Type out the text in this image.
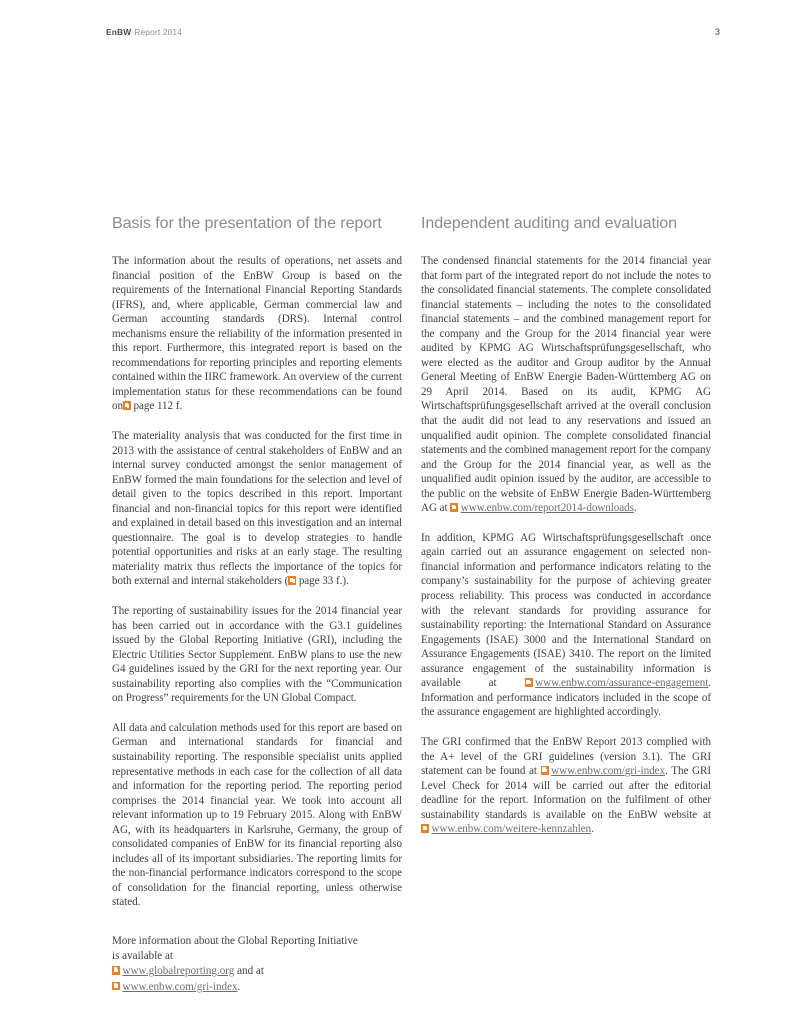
EnBW Report 2014	3
Basis for the presentation of the report

The information about the results of operations, net assets and financial position of the EnBW Group is based on the requirements of the International Financial Reporting Standards (IFRS), and, where applicable, German commercial law and German accounting standards (DRS). Internal control mechanisms ensure the reliability of the information presented in this report. Furthermore, this integrated report is based on the recommendations for reporting principles and reporting elements contained within the IIRC framework. An overview of the current implementation status for these recommendations can be found on page 112 f.

The materiality analysis that was conducted for the first time in 2013 with the assistance of central stakeholders of EnBW and an internal survey conducted amongst the senior management of EnBW formed the main foundations for the selection and level of detail given to the topics described in this report. Important financial and non-financial topics for this report were identified and explained in detail based on this investigation and an internal questionnaire. The goal is to develop strategies to handle potential opportunities and risks at an early stage. The resulting materiality matrix thus reflects the importance of the topics for both external and internal stakeholders ( page 33 f.).

The reporting of sustainability issues for the 2014 financial year has been carried out in accordance with the G3.1 guidelines issued by the Global Reporting Initiative (GRI), including the Electric Utilities Sector Supplement. EnBW plans to use the new G4 guidelines issued by the GRI for the next reporting year. Our sustainability reporting also complies with the “Communication on Progress” requirements for the UN Global Compact.

All data and calculation methods used for this report are based on German and international standards for financial and sustainability reporting. The responsible specialist units applied representative methods in each case for the collection of all data and information for the reporting period. The reporting period comprises the 2014 financial year. We took into account all relevant information up to 19 February 2015. Along with EnBW AG, with its headquarters in Karlsruhe, Germany, the group of consolidated companies of EnBW for its financial reporting also includes all of its important subsidiaries. The reporting limits for the non-financial performance indicators correspond to the scope of consolidation for the financial reporting, unless otherwise stated.

More information about the Global Reporting Initiative

is available at

www.globalreporting.org and at
www.enbw.com/gri-index.
Independent auditing and evaluation

The condensed financial statements for the 2014 financial year that form part of the integrated report do not include the notes to the consolidated financial statements. The complete consolidated financial statements – including the notes to the consolidated financial statements – and the combined management report for the company and the Group for the 2014 financial year were audited by KPMG AG Wirtschaftsprüfungsgesellschaft, who were elected as the auditor and Group auditor by the Annual General Meeting of EnBW Energie Baden-Württemberg AG on 29 April 2014. Based on its audit, KPMG AG Wirtschaftsprüfungsgesellschaft arrived at the overall conclusion that the audit did not lead to any reservations and issued an unqualified audit opinion. The complete consolidated financial statements and the combined management report for the company and the Group for the 2014 financial year, as well as the unqualified audit opinion issued by the auditor, are accessible to the public on the website of EnBW Energie Baden-Württemberg AG at www.enbw.com/report2014-downloads.

In addition, KPMG AG Wirtschaftsprüfungsgesellschaft once again carried out an assurance engagement on selected non-financial information and performance indicators relating to the company’s sustainability for the purpose of achieving greater process reliability. This process was conducted in accordance with the relevant standards for providing assurance for sustainability reporting: the International Standard on Assurance Engagements (ISAE) 3000 and the International Standard on Assurance Engagements (ISAE) 3410. The report on the limited assurance engagement of the sustainability information is available at	www.enbw.com/assurance-engagement. Information and performance indicators included in the scope of the assurance engagement are highlighted accordingly.

The GRI confirmed that the EnBW Report 2013 complied with the A+ level of the GRI guidelines (version 3.1). The GRI statement can be found at www.enbw.com/gri-index. The GRI Level Check for 2014 will be carried out after the editorial deadline for the report. Information on the fulfilment of other sustainability standards is available on the EnBW website at www.enbw.com/weitere-kennzahlen.
